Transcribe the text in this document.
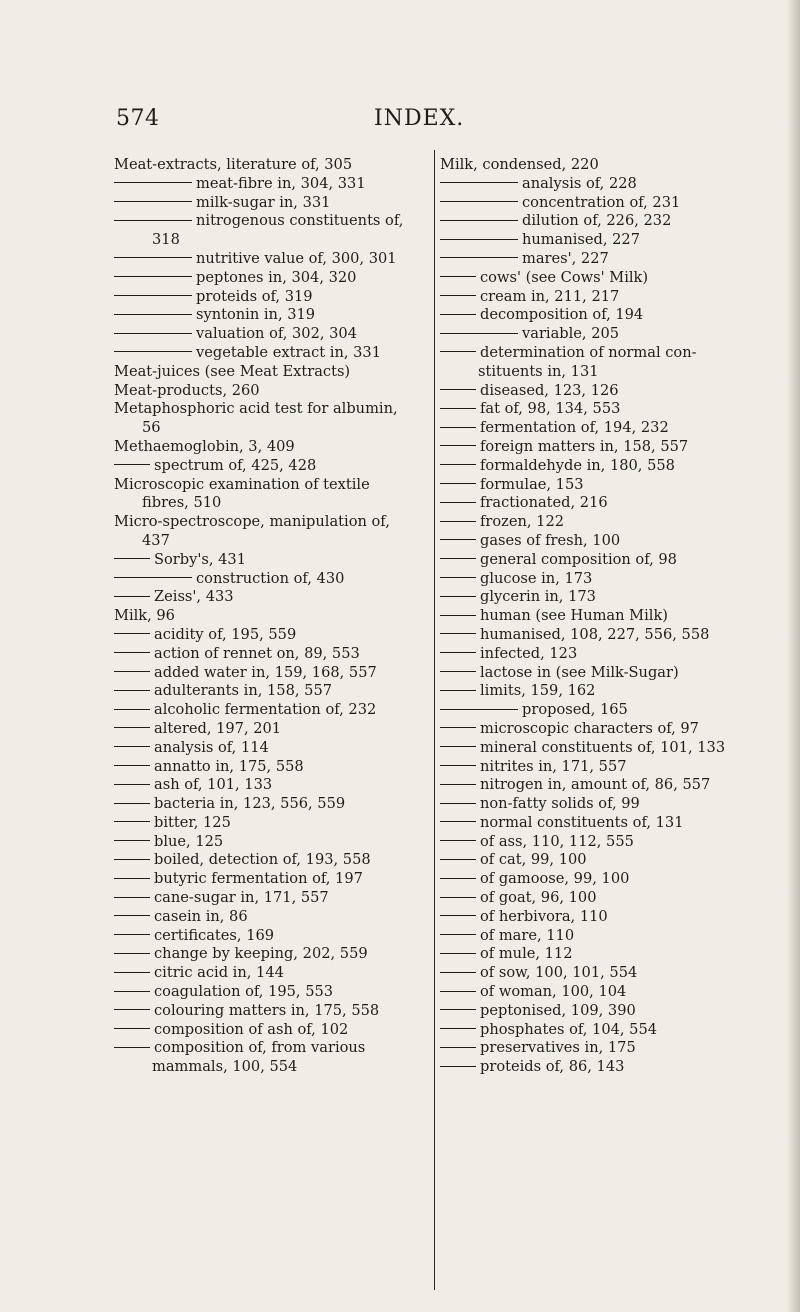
574	INDEX.
Meat-extracts, literature of, 305
meat-fibre in, 304, 331
milk-sugar in, 331
nitrogenous constituents of,
318
nutritive value of, 300, 301
peptones in, 304, 320
proteids of, 319
syntonin in, 319
valuation of, 302, 304
vegetable extract in, 331
Meat-juices (see Meat Extracts)
Meat-products, 260
Metaphosphoric acid test for albumin,
56
Methaemoglobin, 3, 409
spectrum of, 425, 428
Microscopic examination of textile
fibres, 510
Micro-spectroscope, manipulation of,
437
Sorby's, 431
construction of, 430
Zeiss', 433
Milk, 96
acidity of, 195, 559
action of rennet on, 89, 553
added water in, 159, 168, 557
adulterants in, 158, 557
alcoholic fermentation of, 232
altered, 197, 201
analysis of, 114
annatto in, 175, 558
ash of, 101, 133
bacteria in, 123, 556, 559
bitter, 125
blue, 125
boiled, detection of, 193, 558
butyric fermentation of, 197
cane-sugar in, 171, 557
casein in, 86
certificates, 169
change by keeping, 202, 559
citric acid in, 144
coagulation of, 195, 553
colouring matters in, 175, 558
composition of ash of, 102
composition of, from various
mammals, 100, 554
Milk, condensed, 220
analysis of, 228
concentration of, 231
dilution of, 226, 232
humanised, 227
mares', 227
cows' (see Cows' Milk)
cream in, 211, 217
decomposition of, 194
variable, 205
determination of normal con-
stituents in, 131
diseased, 123, 126
fat of, 98, 134, 553
fermentation of, 194, 232
foreign matters in, 158, 557
formaldehyde in, 180, 558
formulae, 153
fractionated, 216
frozen, 122
gases of fresh, 100
general composition of, 98
glucose in, 173
glycerin in, 173
human (see Human Milk)
humanised, 108, 227, 556, 558
infected, 123
lactose in (see Milk-Sugar)
limits, 159, 162
proposed, 165
microscopic characters of, 97
mineral constituents of, 101, 133
nitrites in, 171, 557
nitrogen in, amount of, 86, 557
non-fatty solids of, 99
normal constituents of, 131
of ass, 110, 112, 555
of cat, 99, 100
of gamoose, 99, 100
of goat, 96, 100
of herbivora, 110
of mare, 110
of mule, 112
of sow, 100, 101, 554
of woman, 100, 104
peptonised, 109, 390
phosphates of, 104, 554
preservatives in, 175
proteids of, 86, 143
